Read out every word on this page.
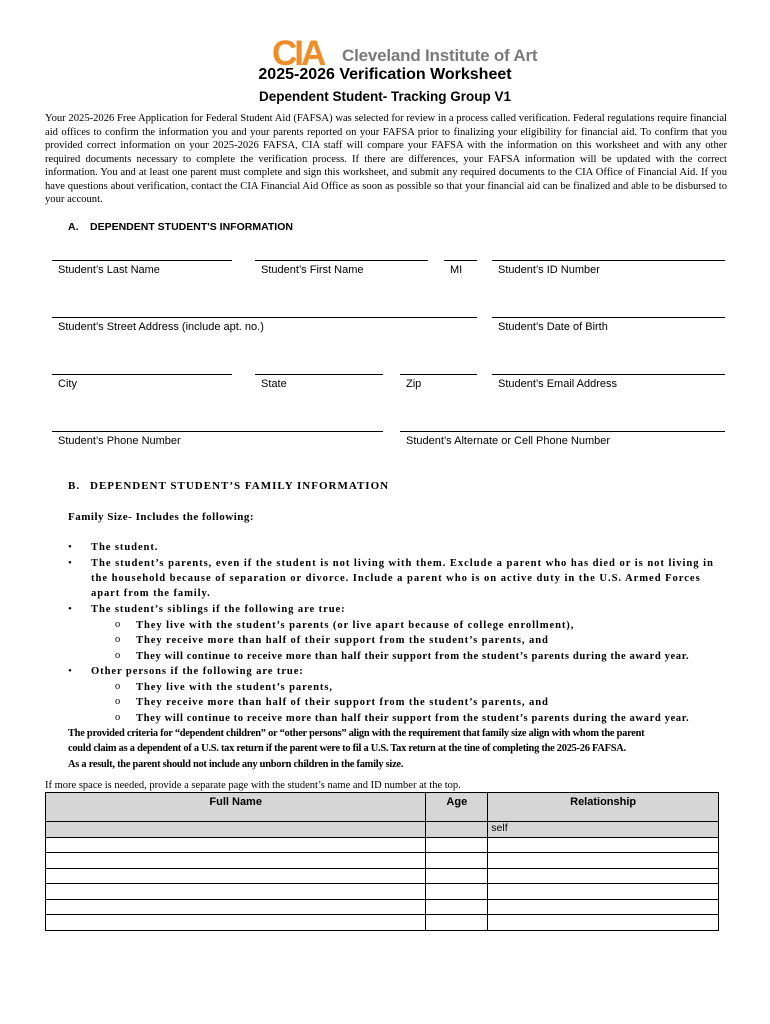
CIA Cleveland Institute of Art
2025-2026 Verification Worksheet
Dependent Student- Tracking Group V1

Your 2025-2026 Free Application for Federal Student Aid (FAFSA) was selected for review in a process called verification. Federal regulations require financial aid offices to confirm the information you and your parents reported on your FAFSA prior to finalizing your eligibility for financial aid. To confirm that you provided correct information on your 2025-2026 FAFSA, CIA staff will compare your FAFSA with the information on this worksheet and with any other required documents necessary to complete the verification process. If there are differences, your FAFSA information will be updated with the correct information. You and at least one parent must complete and sign this worksheet, and submit any required documents to the CIA Office of Financial Aid. If you have questions about verification, contact the CIA Financial Aid Office as soon as possible so that your financial aid can be finalized and able to be disbursed to your account.

A. DEPENDENT STUDENT'S INFORMATION
Student’s Last Name	Student’s First Name	MI	Student’s ID Number
Student’s Street Address (include apt. no.)	Student’s Date of Birth
City	State	Zip	Student’s Email Address
Student’s Phone Number	Student’s Alternate or Cell Phone Number
B. DEPENDENT STUDENT’S FAMILY INFORMATION
Family Size- Includes the following:
• The student.
• The student’s parents, even if the student is not living with them. Exclude a parent who has died or is not living in
the household because of separation or divorce. Include a parent who is on active duty in the U.S. Armed Forces
apart from the family.
• The student’s siblings if the following are true:
o They live with the student’s parents (or live apart because of college enrollment),
o They receive more than half of their support from the student’s parents, and
o They will continue to receive more than half their support from the student’s parents during the award year.
• Other persons if the following are true:
o They live with the student’s parents,
o They receive more than half of their support from the student’s parents, and
o They will continue to receive more than half their support from the student’s parents during the award year.
The provided criteria for “dependent children” or “other persons” align with the requirement that family size align with whom the parent
could claim as a dependent of a U.S. tax return if the parent were to fil a U.S. Tax return at the tine of completing the 2025-26 FAFSA.
As a result, the parent should not include any unborn children in the family size.
If more space is needed, provide a separate page with the student’s name and ID number at the top.
Full Name	Age	Relationship
		self
